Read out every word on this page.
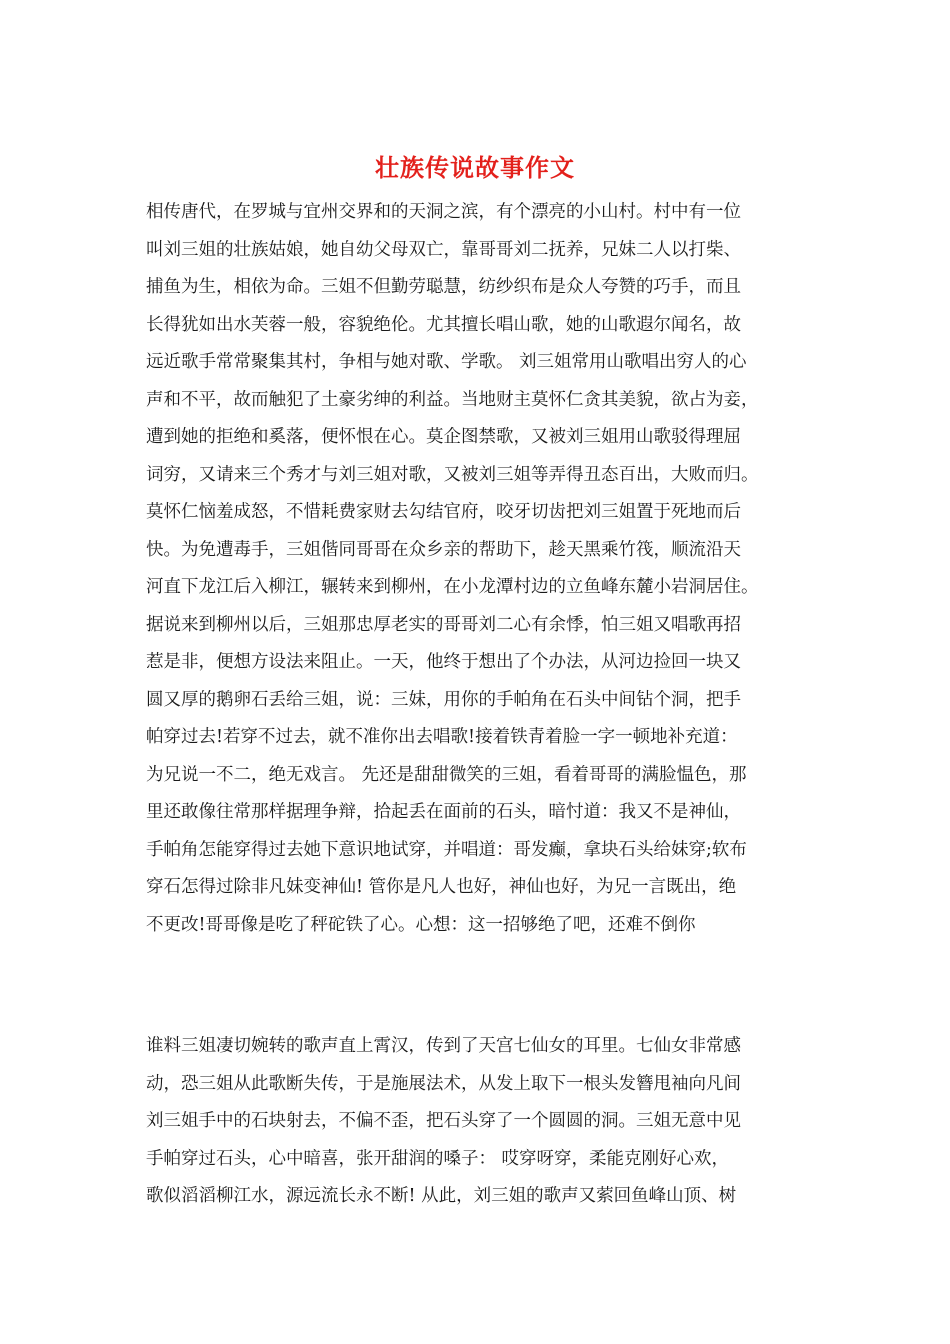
壮族传说故事作文
相传唐代，在罗城与宜州交界和的天洞之滨，有个漂亮的小山村。村中有一位
叫刘三姐的壮族姑娘，她自幼父母双亡，靠哥哥刘二抚养，兄妹二人以打柴、
捕鱼为生，相依为命。三姐不但勤劳聪慧，纺纱织布是众人夸赞的巧手，而且
长得犹如出水芙蓉一般，容貌绝伦。尤其擅长唱山歌，她的山歌遐尔闻名，故
远近歌手常常聚集其村，争相与她对歌、学歌。 刘三姐常用山歌唱出穷人的心
声和不平，故而触犯了土豪劣绅的利益。当地财主莫怀仁贪其美貌，欲占为妾，
遭到她的拒绝和奚落，便怀恨在心。莫企图禁歌，又被刘三姐用山歌驳得理屈
词穷，又请来三个秀才与刘三姐对歌，又被刘三姐等弄得丑态百出，大败而归。
莫怀仁恼羞成怒，不惜耗费家财去勾结官府，咬牙切齿把刘三姐置于死地而后
快。为免遭毒手，三姐偕同哥哥在众乡亲的帮助下，趁天黑乘竹筏，顺流沿天
河直下龙江后入柳江，辗转来到柳州，在小龙潭村边的立鱼峰东麓小岩洞居住。
据说来到柳州以后，三姐那忠厚老实的哥哥刘二心有余悸，怕三姐又唱歌再招
惹是非，便想方设法来阻止。一天，他终于想出了个办法，从河边捡回一块又
圆又厚的鹅卵石丢给三姐，说：三妹，用你的手帕角在石头中间钻个洞，把手
帕穿过去!若穿不过去，就不准你出去唱歌!接着铁青着脸一字一顿地补充道：
为兄说一不二，绝无戏言。 先还是甜甜微笑的三姐，看着哥哥的满脸愠色，那
里还敢像往常那样据理争辩，拾起丢在面前的石头，暗忖道：我又不是神仙，
手帕角怎能穿得过去她下意识地试穿，并唱道：哥发癫，拿块石头给妹穿;软布
穿石怎得过除非凡妹变神仙! 管你是凡人也好，神仙也好，为兄一言既出，绝
不更改!哥哥像是吃了秤砣铁了心。心想：这一招够绝了吧，还难不倒你
谁料三姐凄切婉转的歌声直上霄汉，传到了天宫七仙女的耳里。七仙女非常感
动，恐三姐从此歌断失传，于是施展法术，从发上取下一根头发簪甩袖向凡间
刘三姐手中的石块射去，不偏不歪，把石头穿了一个圆圆的洞。三姐无意中见
手帕穿过石头，心中暗喜，张开甜润的嗓子： 哎穿呀穿，柔能克刚好心欢，
歌似滔滔柳江水，源远流长永不断! 从此，刘三姐的歌声又萦回鱼峰山顶、树
